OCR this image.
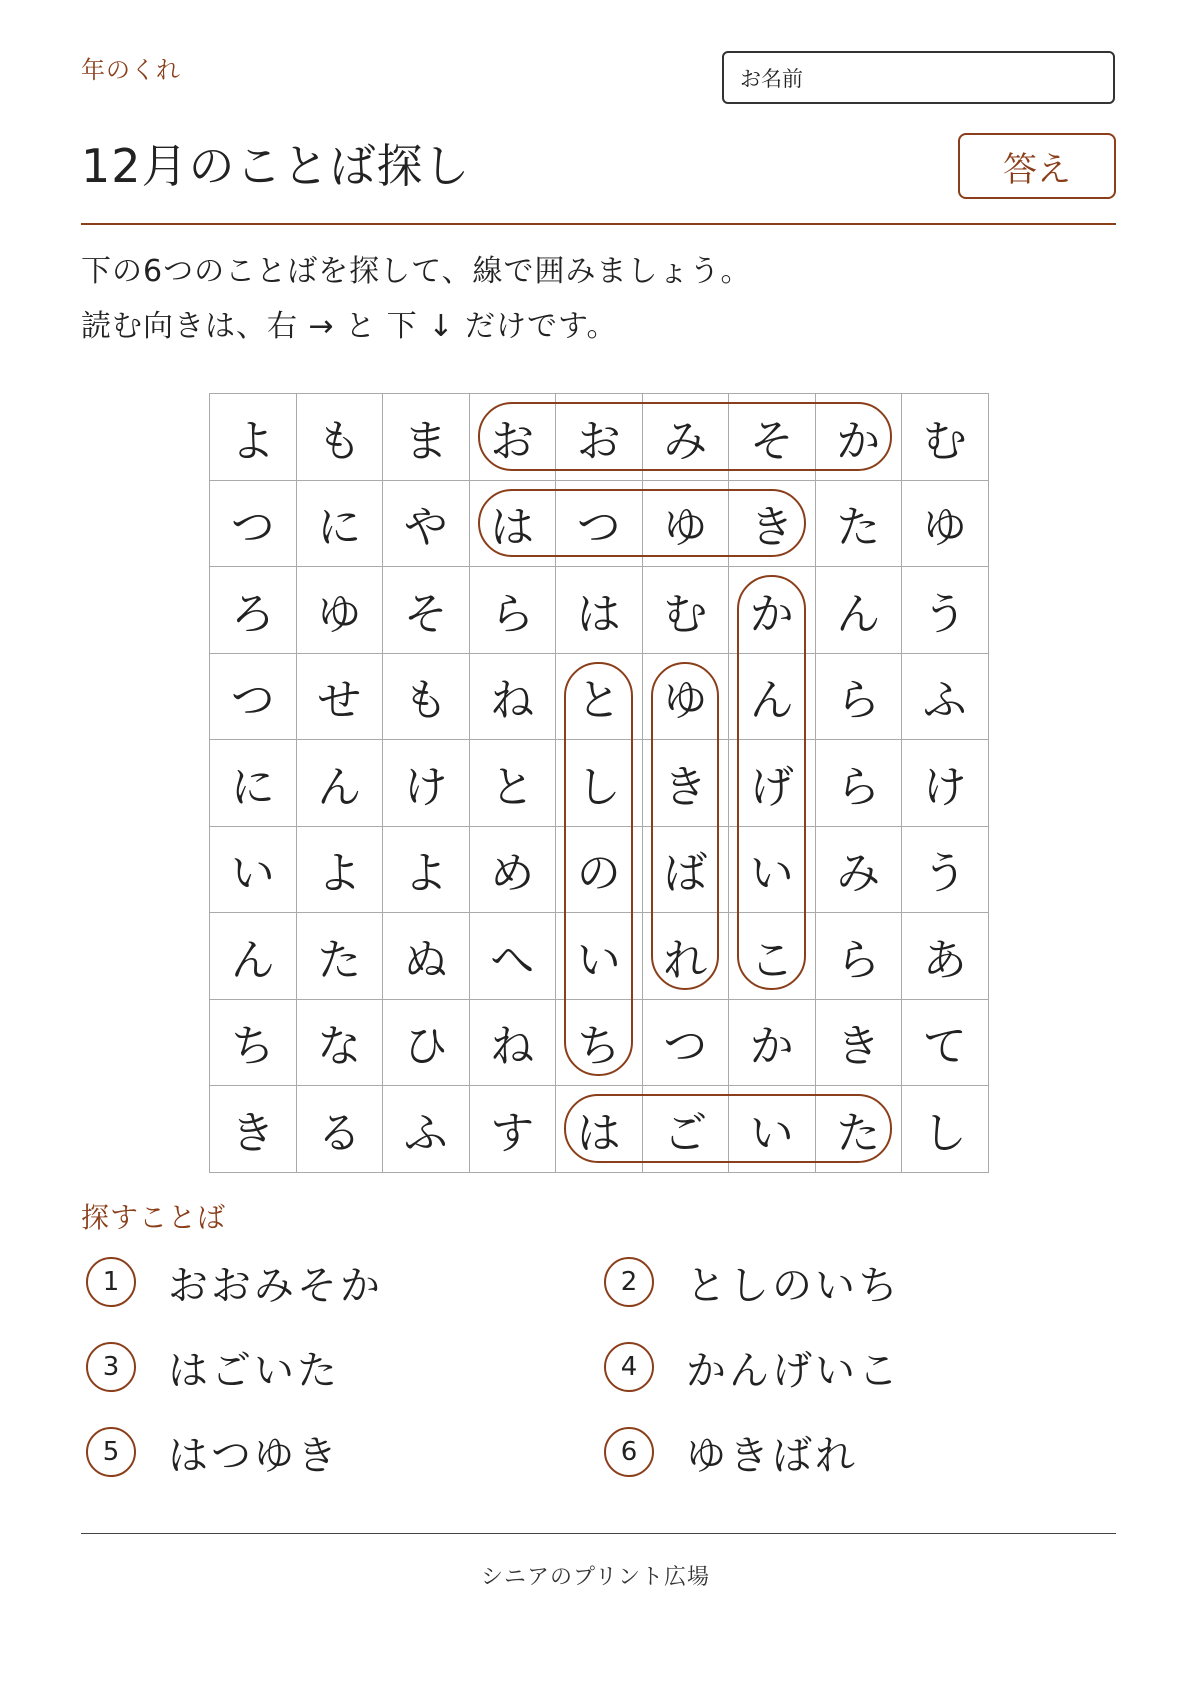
年のくれ	お名前
12月のことば探し	答え
下の6つのことばを探して、線で囲みましょう。
読む向きは、右 → と 下 ↓ だけです。
よ も ま お お み そ か む
つ に や は つ ゆ き た ゆ
ろ ゆ そ ら は む か ん う
つ せ も ね と ゆ ん ら ふ
に ん け と し き げ ら け
い よ よ め の ば い み う
ん た ぬ へ い れ こ ら あ
ち な ひ ね ち つ か き て
き る ふ す は ご い た し
探すことば
1	おおみそか	2	としのいち
3	はごいた	4	かんげいこ
5	はつゆき	6	ゆきばれ
シニアのプリント広場
